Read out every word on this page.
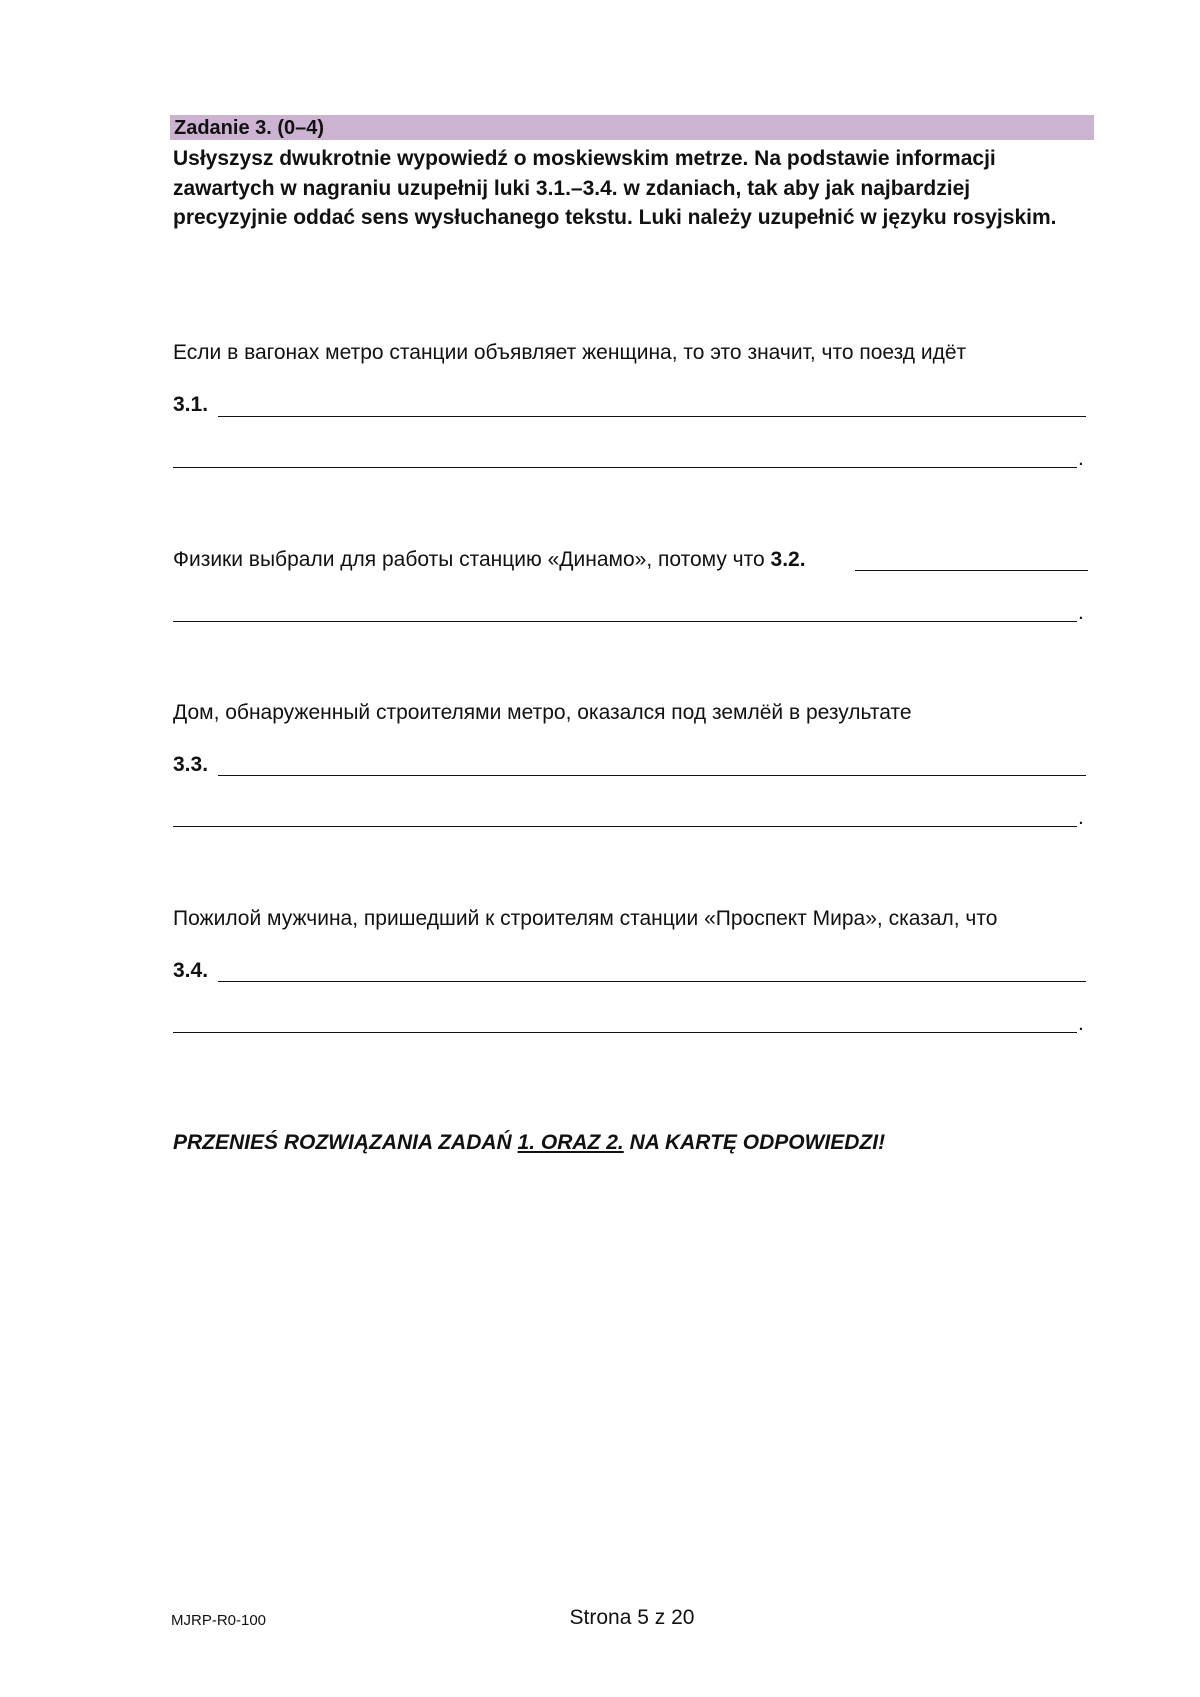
Zadanie 3. (0–4)
Usłyszysz dwukrotnie wypowiedź o moskiewskim metrze. Na podstawie informacji zawartych w nagraniu uzupełnij luki 3.1.–3.4. w zdaniach, tak aby jak najbardziej precyzyjnie oddać sens wysłuchanego tekstu. Luki należy uzupełnić w języku rosyjskim.
Если в вагонах метро станции объявляет женщина, то это значит, что поезд идёт
3.1.
.
Физики выбрали для работы станцию «Динамо», потому что 3.2.
.
Дом, обнаруженный строителями метро, оказался под землёй в результате
3.3.
.
Пожилой мужчина, пришедший к строителям станции «Проспект Мира», сказал, что
3.4.
.
PRZENIEŚ ROZWIĄZANIA ZADAŃ 1. ORAZ 2. NA KARTĘ ODPOWIEDZI!
MJRP-R0-100	Strona 5 z 20
